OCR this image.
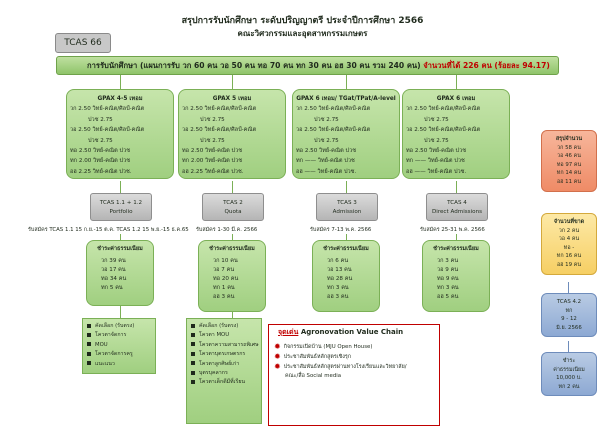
สรุปการรับนักศึกษา ระดับปริญญาตรี ประจำปีการศึกษา 2566
คณะวิศวกรรมและอุตสาหกรรมเกษตร
TCAS 66
การรับนักศึกษา (แผนการรับ วก 60 คน วอ 50 คน ทอ 70 คน ทก 30 คน อฮ 30 คน รวม 240 คน) จำนวนที่ได้ 226 คน (ร้อยละ 94.17)
GPAX 4-5 เทอม
วก 2.50 วิทย์-คณิต/ศิลป์-คณิต
ปวช 2.75
วอ 2.50 วิทย์-คณิต/ศิลป์-คณิต
ปวช 2.75
ทอ 2.50 วิทย์-คณิต ปวช
ทก 2.00 วิทย์-คณิต ปวช
อฮ 2.25 วิทย์-คณิต ปวช.
TCAS 1.1 + 1.2
Portfolio
รับสมัคร TCAS 1.1 15 ก.ย.-15 ต.ค. TCAS 1.2 15 พ.ย.-15 ธ.ค.65
ชำระค่าธรรมเนียม
วก 39 คน
วอ 17 คน
ทอ 34 คน
ทก 5 คน
คัดเลือก (รับตรง)
โควตาจัดการ
MOU
โควตาจัดการครู
แนะแนว
GPAX 5 เทอม
วก 2.50 วิทย์-คณิต/ศิลป์-คณิต
ปวช 2.75
วอ 2.50 วิทย์-คณิต/ศิลป์-คณิต
ปวช 2.75
ทอ 2.50 วิทย์-คณิต ปวช
ทก 2.00 วิทย์-คณิต ปวช
อฮ 2.25 วิทย์-คณิต ปวช.
TCAS 2
Quota
รับสมัคร 1-30 มี.ค. 2566
ชำระค่าธรรมเนียม
วก 10 คน
วอ 7 คน
ทอ 20 คน
ทก 1 คน
อฮ 3 คน
คัดเลือก (รับตรง)
โควตา MOU
โควตาความสามารถพิเศษ
โควตาบุตรเกษตรกร
โควตาลูกศิษย์เก่า
บุตรบุคลากร
โควตาเด็กดีมีที่เรียน
GPAX 6 เทอม/ TGat/TPat/A-level
วก 2.50 วิทย์-คณิต/ศิลป์-คณิต
ปวช 2.75
วอ 2.50 วิทย์-คณิต/ศิลป์-คณิต
ปวช 2.75
ทอ 2.50 วิทย์-คณิต ปวช
ทก —— วิทย์-คณิต ปวช
อฮ —— วิทย์-คณิต ปวช.
TCAS 3
Admission
รับสมัคร 7-13 พ.ค. 2566
ชำระค่าธรรมเนียม
วก 6 คน
วอ 13 คน
ทอ 28 คน
ทก 3 คน
อฮ 3 คน
GPAX 6 เทอม
วก 2.50 วิทย์-คณิต/ศิลป์-คณิต
ปวช 2.75
วอ 2.50 วิทย์-คณิต/ศิลป์-คณิต
ปวช 2.75
ทอ 2.50 วิทย์-คณิต ปวช
ทก —— วิทย์-คณิต ปวช
อฮ —— วิทย์-คณิต ปวช.
TCAS 4
Direct Admissions
รับสมัคร 25-31 พ.ค. 2566
ชำระค่าธรรมเนียม
วก 3 คน
วอ 9 คน
ทอ 9 คน
ทก 3 คน
อฮ 5 คน
จุดเด่น Agronovation Value Chain
✹ กิจกรรมเปิดบ้าน (MJU Open House)
✹ ประชาสัมพันธ์หลักสูตรเชิงรุก
✹ ประชาสัมพันธ์หลักสูตรผ่านทางโรงเรียนและวิทยาลัย/
คณะ/สื่อ Social media
สรุปจำนวน
วก 58 คน
วอ 46 คน
ทอ 97 คน
ทก 14 คน
อฮ 11 คน
จำนวนที่ขาด
วก 2 คน
วอ 4 คน
ทอ -
ทก 16 คน
อฮ 19 คน
TCAS 4.2
ทก
9 - 12
มิ.ย. 2566
ชำระ
ค่าธรรมเนียม
10,000 บ.
ทก 2 คน
